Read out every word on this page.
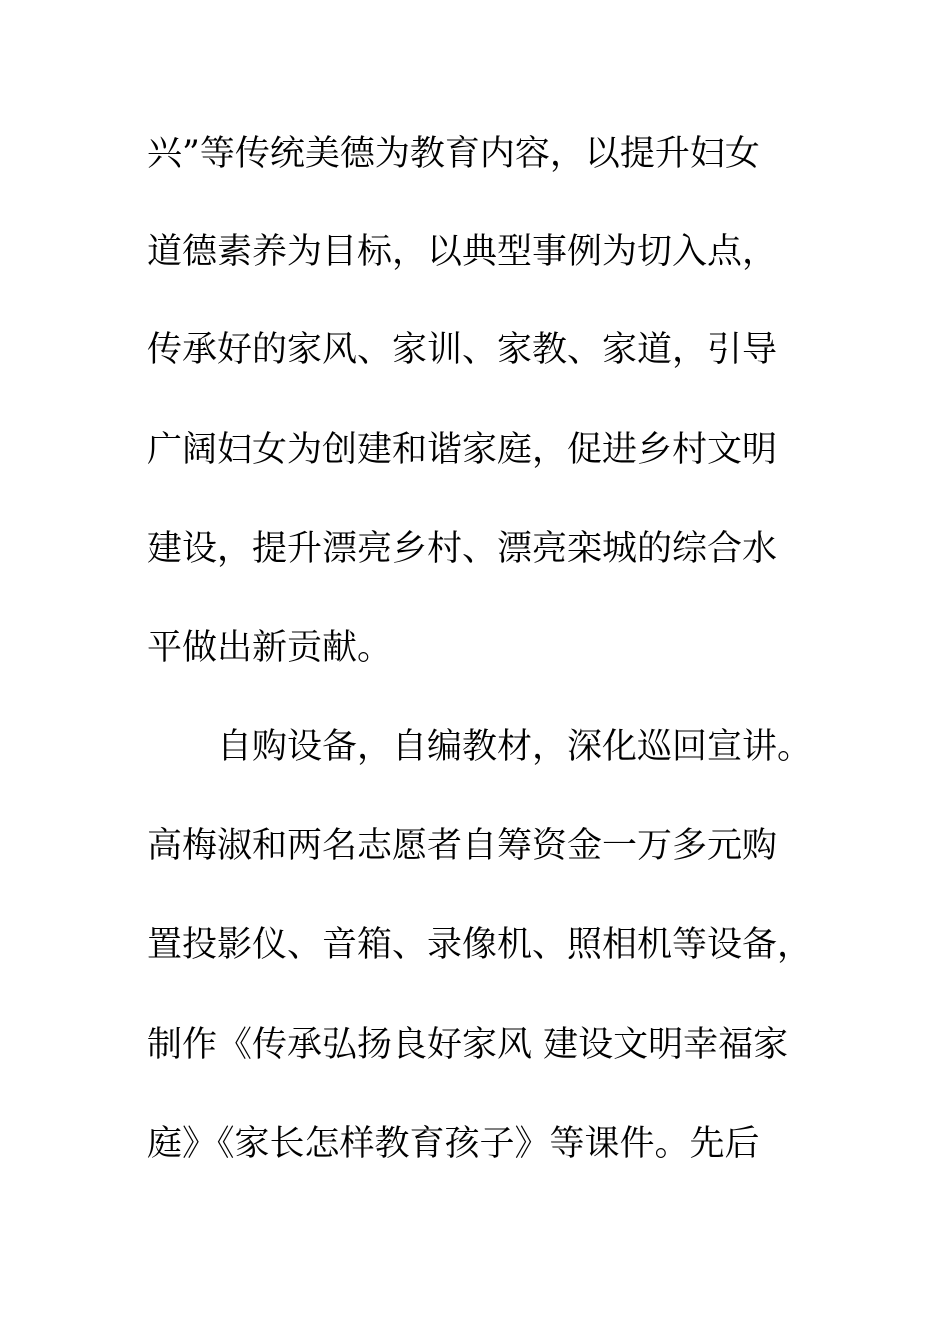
兴”等传统美德为教育内容，以提升妇女
道德素养为目标，以典型事例为切入点，
传承好的家风、家训、家教、家道，引导
广阔妇女为创建和谐家庭，促进乡村文明
建设，提升漂亮乡村、漂亮栾城的综合水
平做出新贡献。
自购设备，自编教材，深化巡回宣讲。
高梅淑和两名志愿者自筹资金一万多元购
置投影仪、音箱、录像机、照相机等设备，
制作《传承弘扬良好家风 建设文明幸福家
庭》《家长怎样教育孩子》等课件。先后
